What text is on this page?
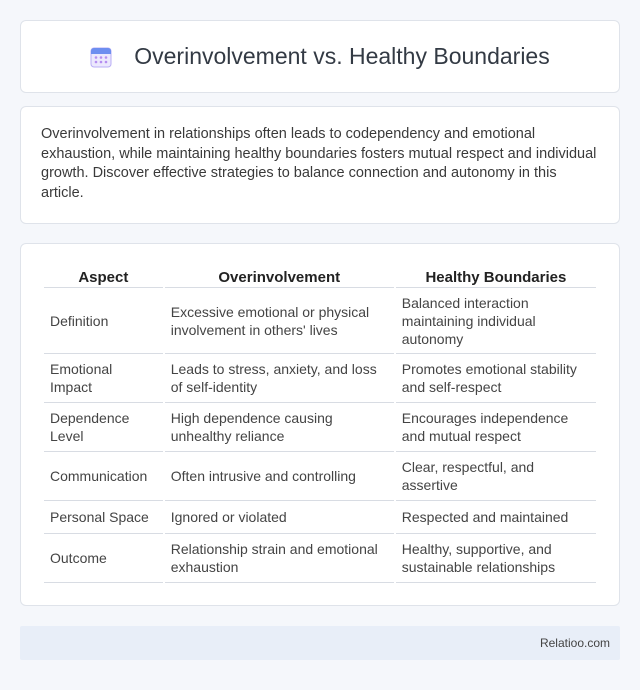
Overinvolvement vs. Healthy Boundaries

Overinvolvement in relationships often leads to codependency and emotional exhaustion, while maintaining healthy boundaries fosters mutual respect and individual growth. Discover effective strategies to balance connection and autonomy in this article.

Aspect	Overinvolvement	Healthy Boundaries
Definition	Excessive emotional or physical involvement in others' lives	Balanced interaction maintaining individual autonomy
Emotional Impact	Leads to stress, anxiety, and loss of self-identity	Promotes emotional stability and self-respect
Dependence Level	High dependence causing unhealthy reliance	Encourages independence and mutual respect
Communication	Often intrusive and controlling	Clear, respectful, and assertive
Personal Space	Ignored or violated	Respected and maintained
Outcome	Relationship strain and emotional exhaustion	Healthy, supportive, and sustainable relationships
Relatioo.com
